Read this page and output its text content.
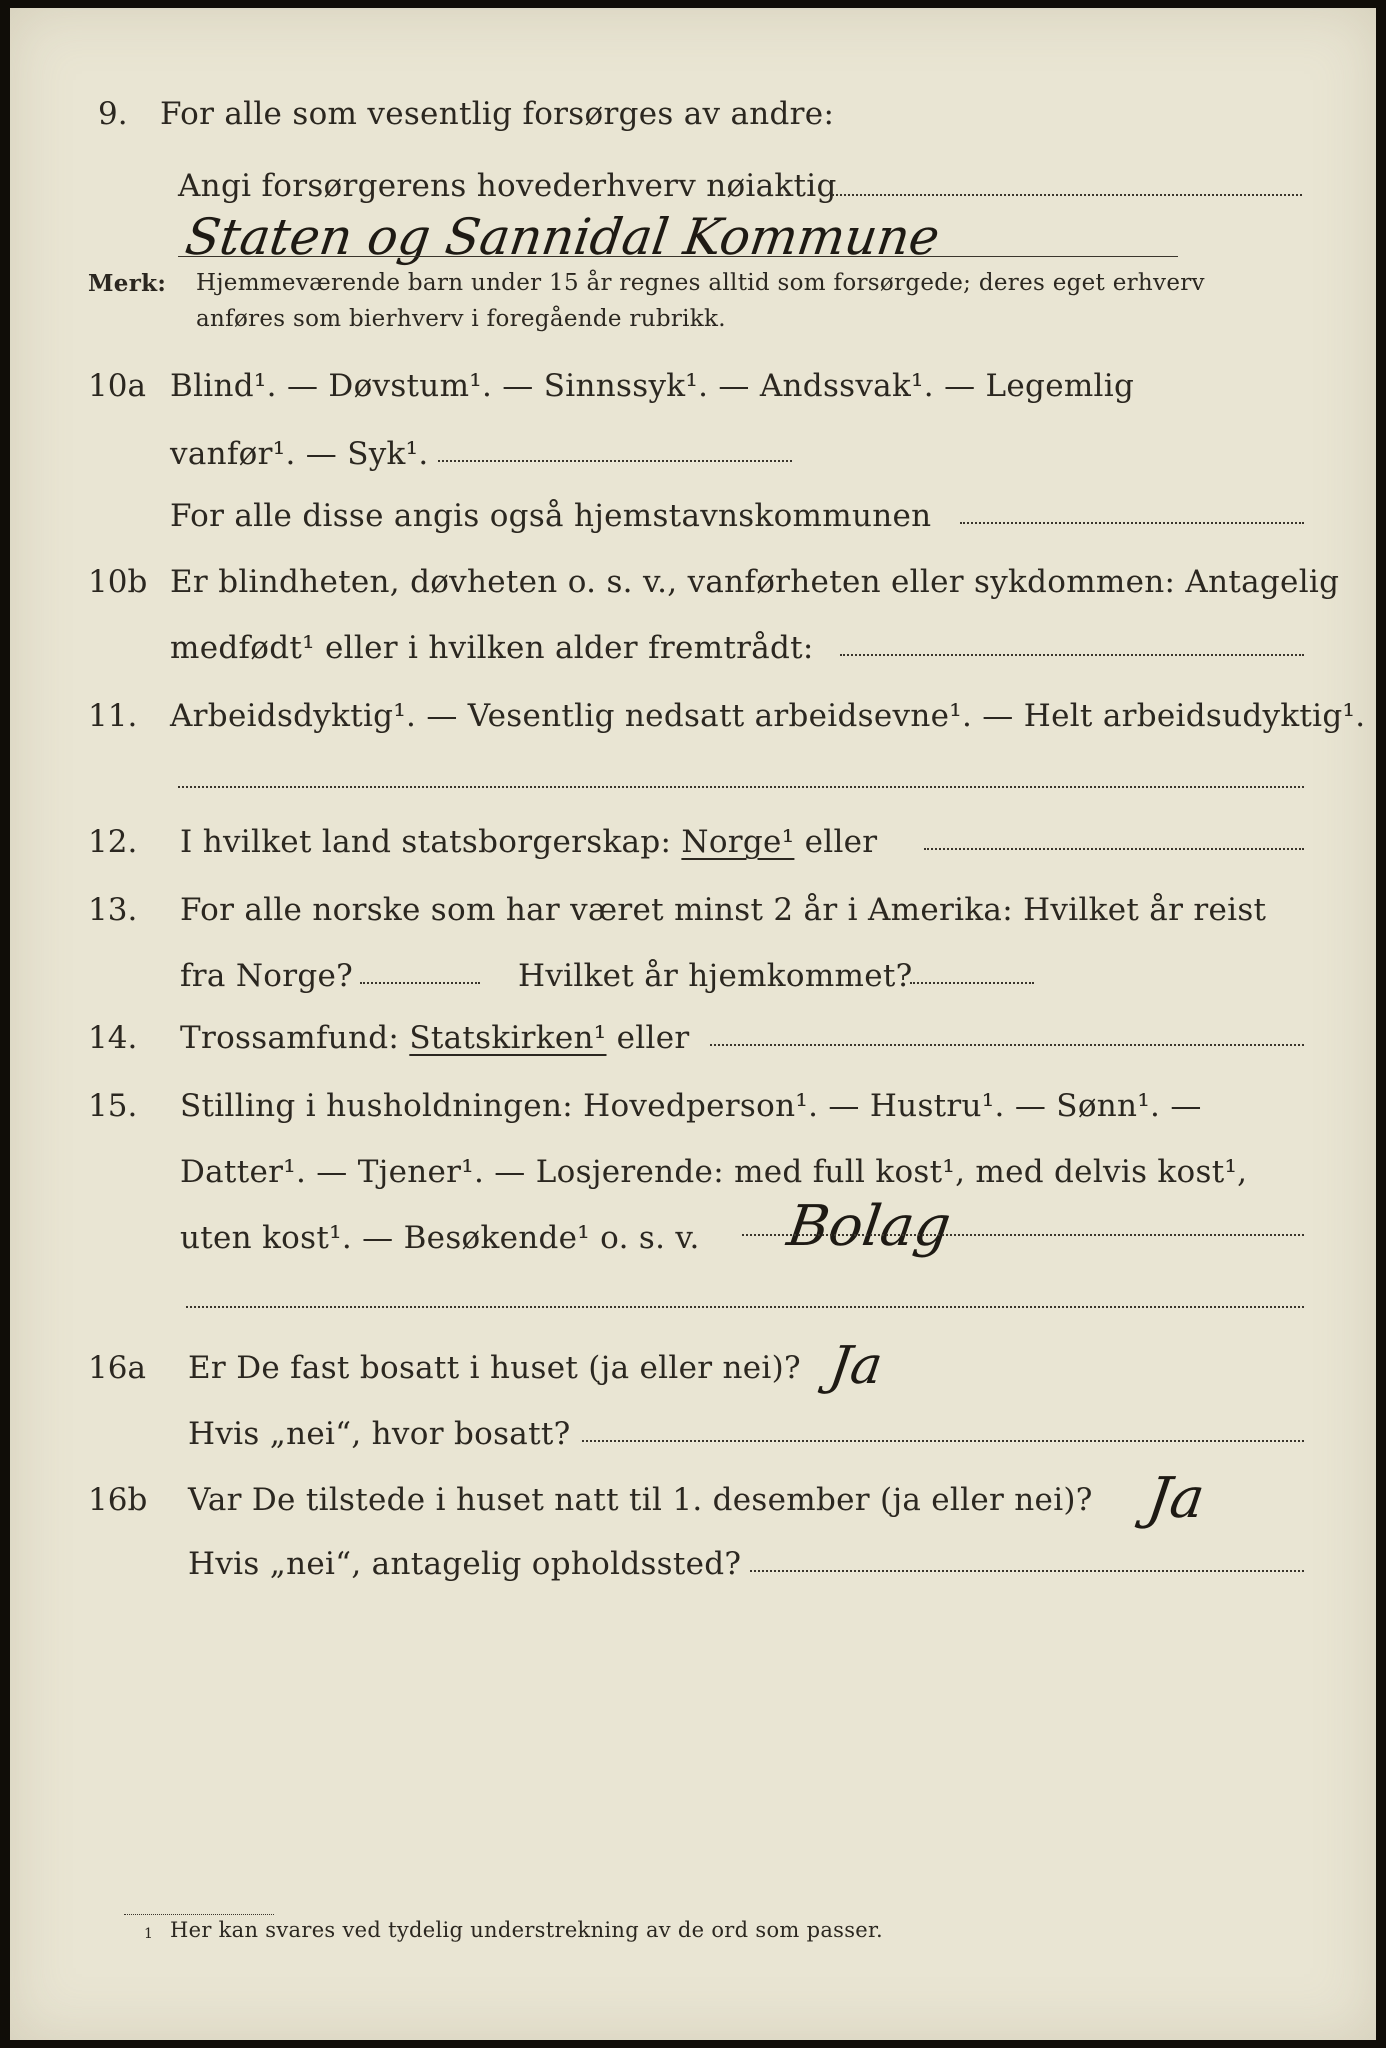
9. For alle som vesentlig forsørges av andre:
Angi forsørgerens hovederhverv nøiaktig
Staten og Sannidal Kommune
Merk: Hjemmeværende barn under 15 år regnes alltid som forsørgede; deres eget erhverv
anføres som bierhverv i foregående rubrikk.
10a Blind¹. — Døvstum¹. — Sinnssyk¹. — Andssvak¹. — Legemlig
vanfør¹. — Syk¹.
For alle disse angis også hjemstavnskommunen
10b Er blindheten, døvheten o. s. v., vanførheten eller sykdommen: Antagelig
medfødt¹ eller i hvilken alder fremtrådt:
11. Arbeidsdyktig¹. — Vesentlig nedsatt arbeidsevne¹. — Helt arbeidsudyktig¹.
12. I hvilket land statsborgerskap: Norge¹ eller
13. For alle norske som har været minst 2 år i Amerika: Hvilket år reist
fra Norge?	Hvilket år hjemkommet?
14. Trossamfund: Statskirken¹ eller
15. Stilling i husholdningen: Hovedperson¹. — Hustru¹. — Sønn¹. —
Datter¹. — Tjener¹. — Losjerende: med full kost¹, med delvis kost¹,
uten kost¹. — Besøkende¹ o. s. v. Bolag
16a Er De fast bosatt i huset (ja eller nei)? Ja
Hvis „nei“, hvor bosatt?
16b Var De tilstede i huset natt til 1. desember (ja eller nei)? Ja
Hvis „nei“, antagelig opholdssted?
1 Her kan svares ved tydelig understrekning av de ord som passer.
